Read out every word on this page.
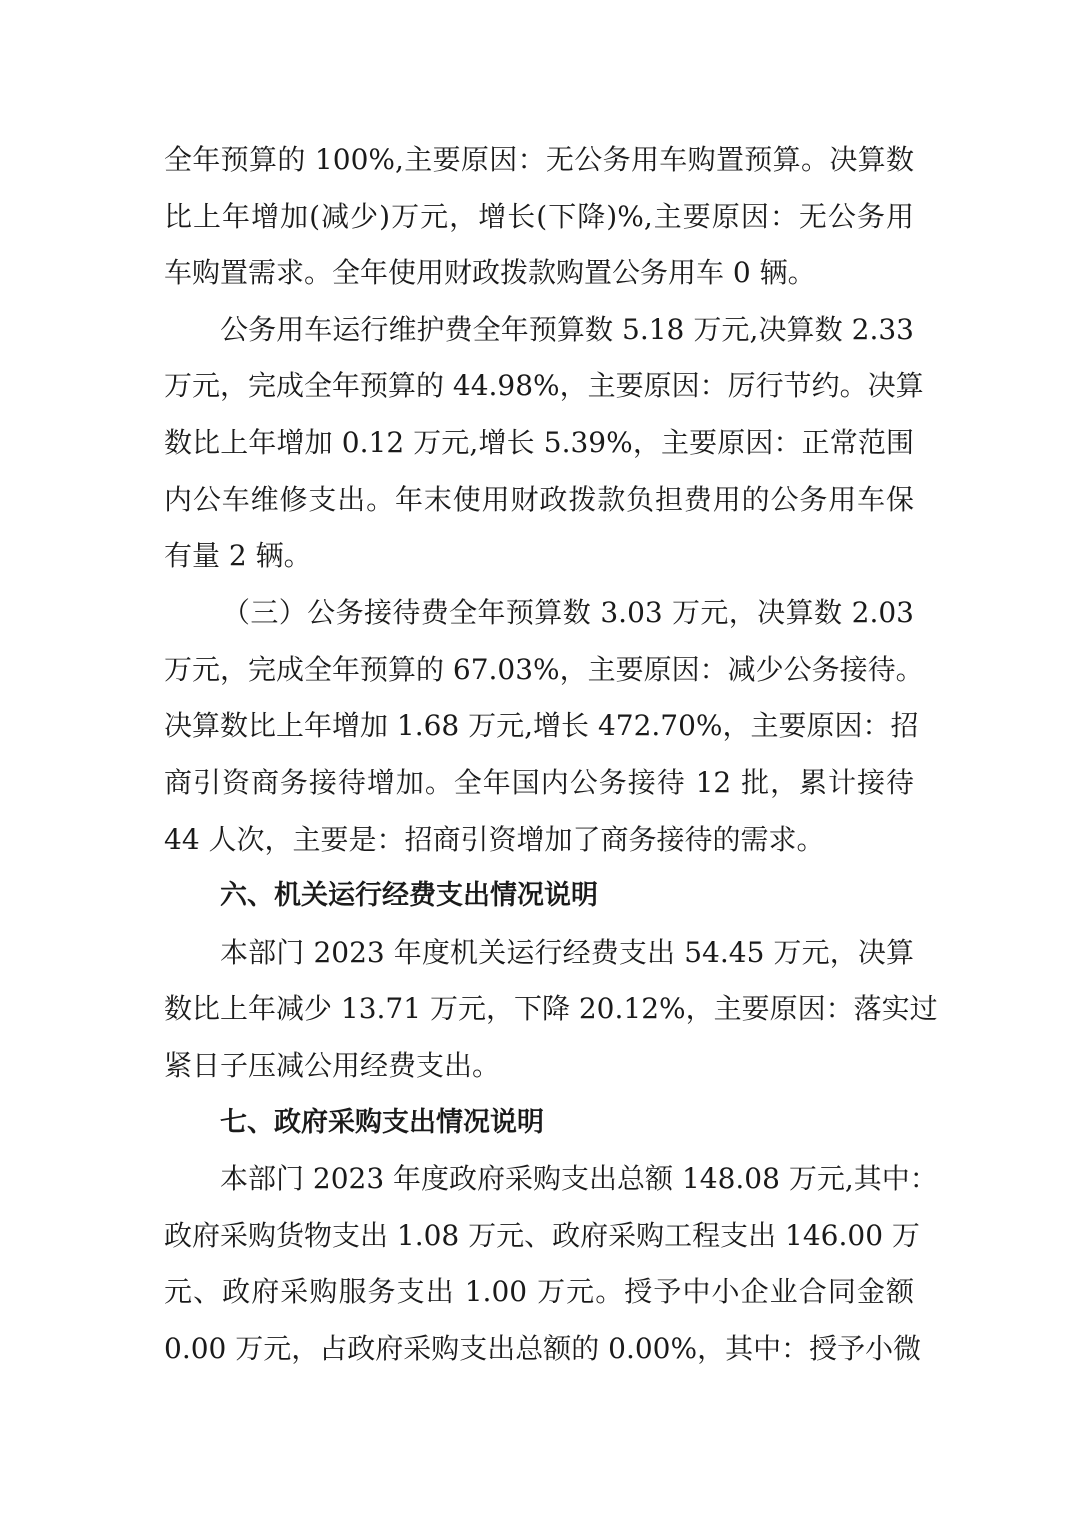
全年预算的 100%,主要原因：无公务用车购置预算。决算数
比上年增加(减少)万元，增长(下降)%,主要原因：无公务用
车购置需求。全年使用财政拨款购置公务用车 0 辆。
公务用车运行维护费全年预算数 5.18 万元,决算数 2.33
万元，完成全年预算的 44.98%，主要原因：厉行节约。决算
数比上年增加 0.12 万元,增长 5.39%，主要原因：正常范围
内公车维修支出。年末使用财政拨款负担费用的公务用车保
有量 2 辆。
（三）公务接待费全年预算数 3.03 万元，决算数 2.03
万元，完成全年预算的 67.03%，主要原因：减少公务接待。
决算数比上年增加 1.68 万元,增长 472.70%，主要原因：招
商引资商务接待增加。全年国内公务接待 12 批，累计接待
44 人次，主要是：招商引资增加了商务接待的需求。
六、机关运行经费支出情况说明
本部门 2023 年度机关运行经费支出 54.45 万元，决算
数比上年减少 13.71 万元，下降 20.12%，主要原因：落实过
紧日子压减公用经费支出。
七、政府采购支出情况说明
本部门 2023 年度政府采购支出总额 148.08 万元,其中：
政府采购货物支出 1.08 万元、政府采购工程支出 146.00 万
元、政府采购服务支出 1.00 万元。授予中小企业合同金额
0.00 万元，占政府采购支出总额的 0.00%，其中：授予小微
